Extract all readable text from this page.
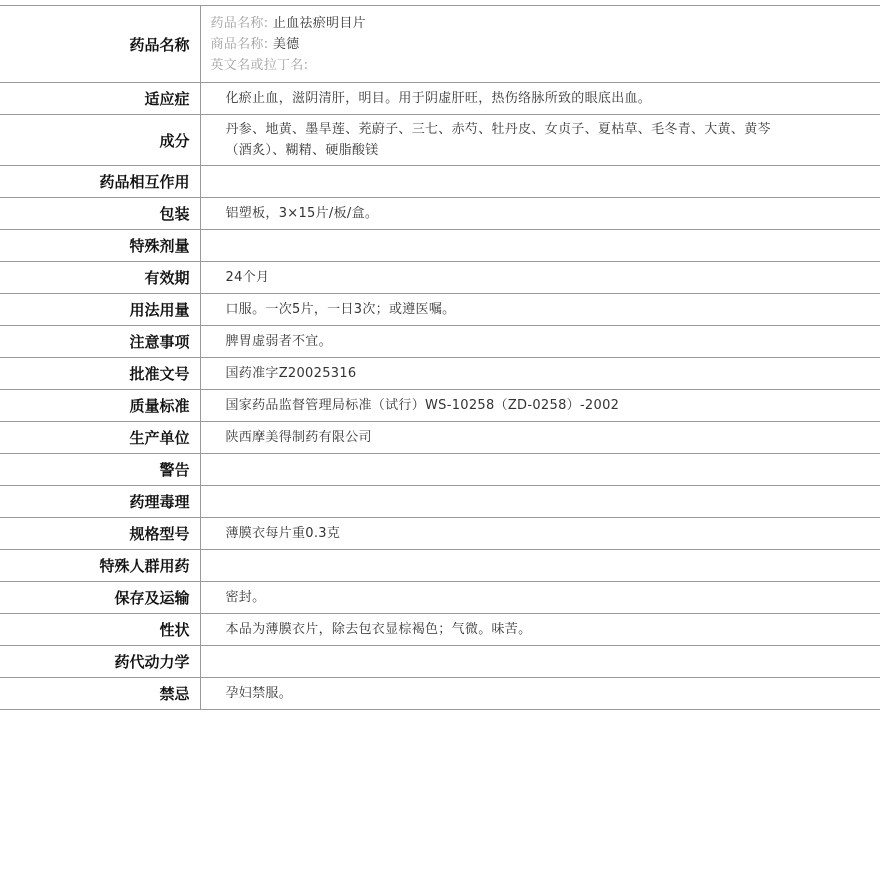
药品名称	药品名称: 止血祛瘀明目片
商品名称: 美德
英文名或拉丁名:

适应症	化瘀止血，滋阴清肝，明目。用于阴虚肝旺，热伤络脉所致的眼底出血。
成分	丹参、地黄、墨旱莲、茺蔚子、三七、赤芍、牡丹皮、女贞子、夏枯草、毛冬青、大黄、黄芩（酒炙）、糊精、硬脂酸镁
药品相互作用	
包装	铝塑板，3×15片/板/盒。
特殊剂量	
有效期	24个月
用法用量	口服。一次5片，一日3次；或遵医嘱。
注意事项	脾胃虚弱者不宜。
批准文号	国药准字Z20025316
质量标准	国家药品监督管理局标准（试行）WS-10258（ZD-0258）-2002
生产单位	陕西摩美得制药有限公司
警告	
药理毒理	
规格型号	薄膜衣每片重0.3克
特殊人群用药	
保存及运输	密封。
性状	本品为薄膜衣片，除去包衣显棕褐色；气微。味苦。
药代动力学	
禁忌	孕妇禁服。
